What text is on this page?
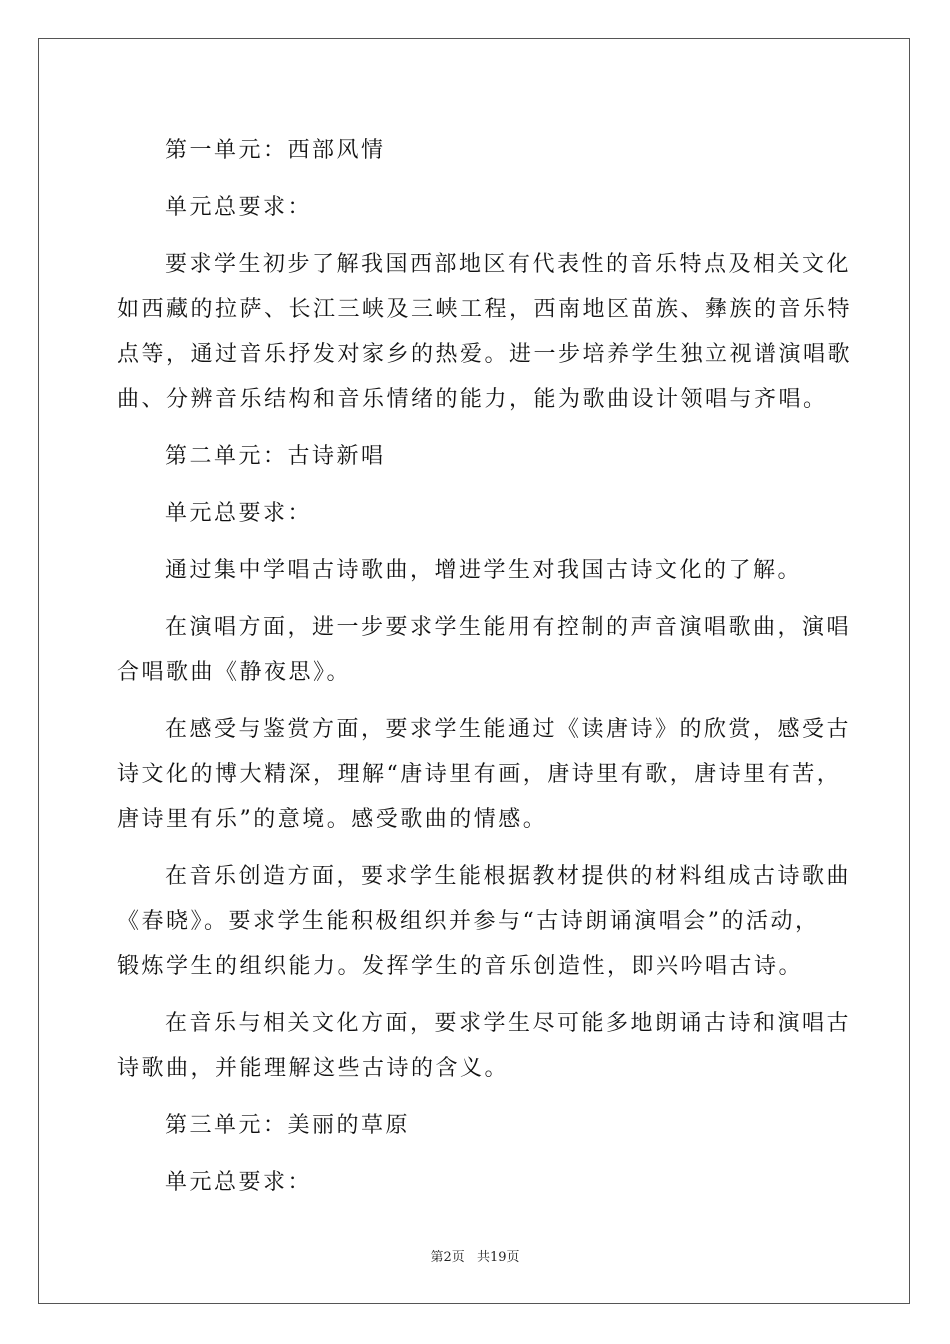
第一单元：西部风情

单元总要求：

要求学生初步了解我国西部地区有代表性的音乐特点及相关文化

如西藏的拉萨、长江三峡及三峡工程，西南地区苗族、彝族的音乐特

点等，通过音乐抒发对家乡的热爱。进一步培养学生独立视谱演唱歌

曲、分辨音乐结构和音乐情绪的能力，能为歌曲设计领唱与齐唱。

第二单元：古诗新唱

单元总要求：

通过集中学唱古诗歌曲，增进学生对我国古诗文化的了解。

在演唱方面，进一步要求学生能用有控制的声音演唱歌曲，演唱

合唱歌曲《静夜思》。

在感受与鉴赏方面，要求学生能通过《读唐诗》的欣赏，感受古

诗文化的博大精深，理解“唐诗里有画，唐诗里有歌，唐诗里有苦，

唐诗里有乐”的意境。感受歌曲的情感。

在音乐创造方面，要求学生能根据教材提供的材料组成古诗歌曲

《春晓》。要求学生能积极组织并参与“古诗朗诵演唱会”的活动，

锻炼学生的组织能力。发挥学生的音乐创造性，即兴吟唱古诗。

在音乐与相关文化方面，要求学生尽可能多地朗诵古诗和演唱古

诗歌曲，并能理解这些古诗的含义。

第三单元：美丽的草原

单元总要求：

第2页 共19页
